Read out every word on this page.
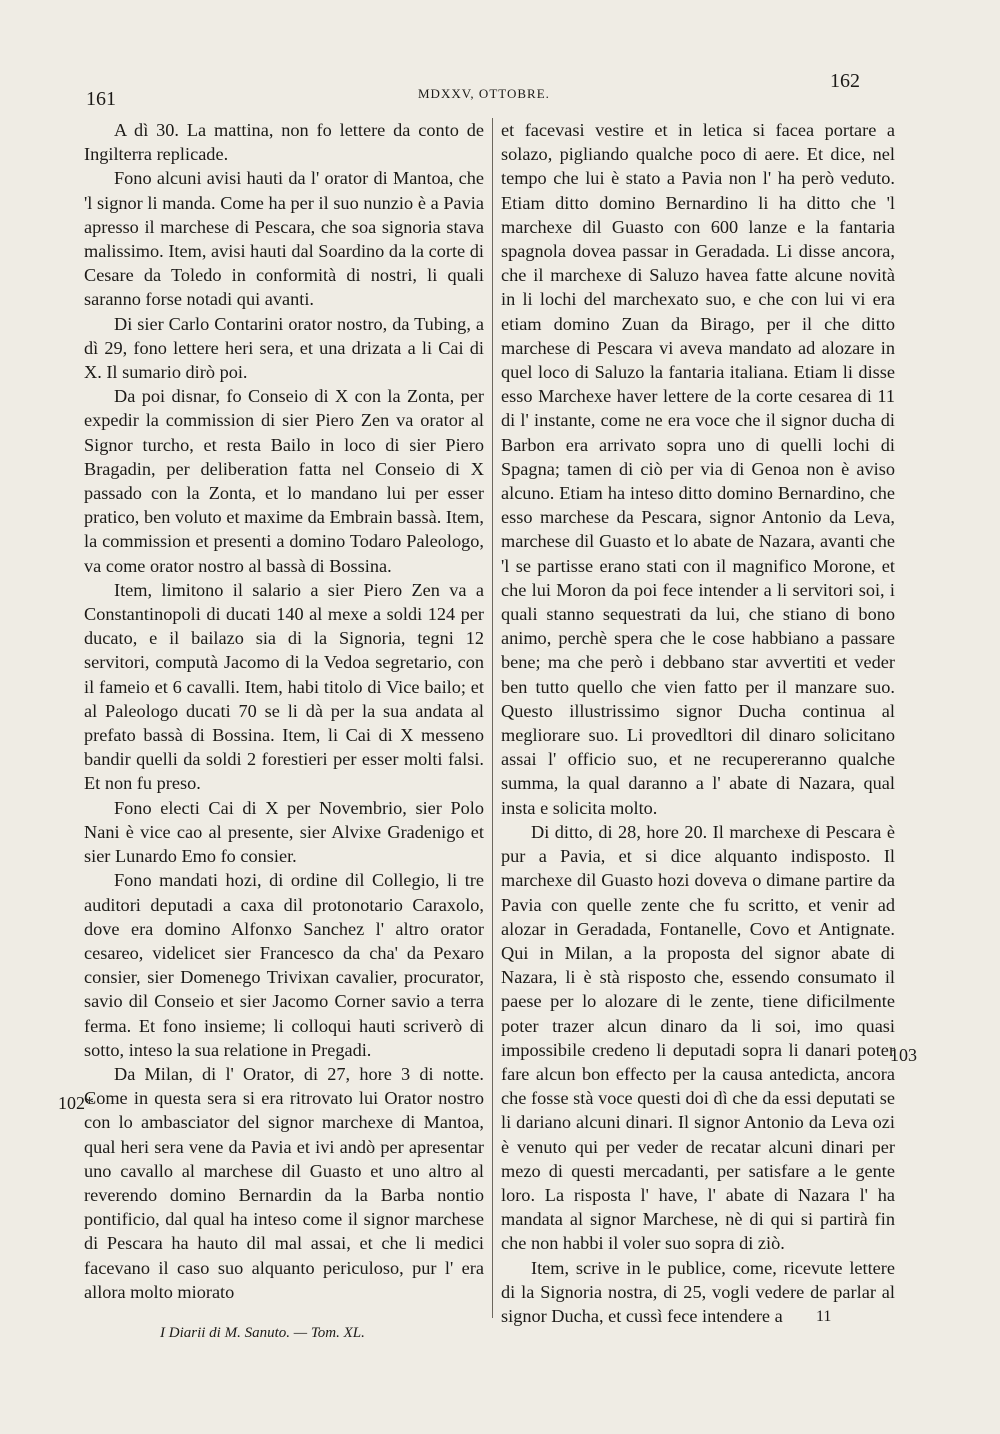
161	MDXXV, OTTOBRE.
162

A dì 30. La mattina, non fo lettere da conto de Ingilterra replicade.

Fono alcuni avisi hauti da l' orator di Mantoa, che 'l signor li manda. Come ha per il suo nunzio è a Pavia apresso il marchese di Pescara, che soa signoria stava malissimo. Item, avisi hauti dal Soardino da la corte di Cesare da Toledo in conformità di nostri, li quali saranno forse notadi qui avanti.

Di sier Carlo Contarini orator nostro, da Tubing, a dì 29, fono lettere heri sera, et una drizata a li Cai di X. Il sumario dirò poi.

Da poi disnar, fo Conseio di X con la Zonta, per expedir la commission di sier Piero Zen va orator al Signor turcho, et resta Bailo in loco di sier Piero Bragadin, per deliberation fatta nel Conseio di X passado con la Zonta, et lo mandano lui per esser pratico, ben voluto et maxime da Embrain bassà. Item, la commission et presenti a domino Todaro Paleologo, va come orator nostro al bassà di Bossina.

Item, limitono il salario a sier Piero Zen va a Constantinopoli di ducati 140 al mexe a soldi 124 per ducato, e il bailazo sia di la Signoria, tegni 12 servitori, computà Jacomo di la Vedoa segretario, con il fameio et 6 cavalli. Item, habi titolo di Vice bailo; et al Paleologo ducati 70 se li dà per la sua andata al prefato bassà di Bossina. Item, li Cai di X messeno bandir quelli da soldi 2 forestieri per esser molti falsi. Et non fu preso.

Fono electi Cai di X per Novembrio, sier Polo Nani è vice cao al presente, sier Alvixe Gradenigo et sier Lunardo Emo fo consier.

Fono mandati hozi, di ordine dil Collegio, li tre auditori deputadi a caxa dil protonotario Caraxolo, dove era domino Alfonxo Sanchez l' altro orator cesareo, videlicet sier Francesco da cha' da Pexaro consier, sier Domenego Trivixan cavalier, procurator, savio dil Conseio et sier Jacomo Corner savio a terra ferma. Et fono insieme; li colloqui hauti scriverò di sotto, inteso la sua relatione in Pregadi.

Da Milan, di l' Orator, di 27, hore 3 di notte. Come in questa sera si era ritrovato lui Orator nostro con lo ambasciator del signor marchexe di Mantoa, qual heri sera vene da Pavia et ivi andò per apresentar uno cavallo al marchese dil Guasto et uno altro al reverendo domino Bernardin da la Barba nontio pontificio, dal qual ha inteso come il signor marchese di Pescara ha hauto dil mal assai, et che li medici facevano il caso suo alquanto periculoso, pur l' era allora molto mioratо

et facevasi vestire et in letica si facea portare a solazo, pigliando qualche poco di aere. Et dice, nel tempo che lui è stato a Pavia non l' ha però veduto. Etiam ditto domino Bernardino li ha ditto che 'l marchexe dil Guasto con 600 lanze e la fantaria spagnola dovea passar in Geradada. Li disse ancora, che il marchexe di Saluzo havea fatte alcune novità in li lochi del marchexato suo, e che con lui vi era etiam domino Zuan da Birago, per il che ditto marchese di Pescara vi aveva mandato ad alozare in quel loco di Saluzo la fantaria italiana. Etiam li disse esso Marchexe haver lettere de la corte cesarea di 11 di l' instante, come ne era voce che il signor ducha di Barbon era arrivato sopra uno di quelli lochi di Spagna; tamen di ciò per via di Genoa non è aviso alcuno. Etiam ha inteso ditto domino Bernardino, che esso marchese da Pescara, signor Antonio da Leva, marchese dil Guasto et lo abate de Nazara, avanti che 'l se partisse erano stati con il magnifico Morone, et che lui Moron da poi fece intender a li servitori soi, i quali stanno sequestrati da lui, che stiano di bono animo, perchè spera che le cose habbiano a passare bene; ma che però i debbano star avvertiti et veder ben tutto quello che vien fatto per il manzare suo. Questo illustrissimo signor Ducha continua al megliorare suo. Li provedltori dil dinaro solicitano assai l' officio suo, et ne recupereranno qualche summa, la qual daranno a l' abate di Nazara, qual insta e solicita molto.

Di ditto, di 28, hore 20. Il marchexe di Pescara è pur a Pavia, et si dice alquanto indisposto. Il marchexe dil Guasto hozi doveva o dimane partire da Pavia con quelle zente che fu scritto, et venir ad alozar in Geradada, Fontanelle, Covo et Antignate. Qui in Milan, a la proposta del signor abate di Nazara, li è stà risposto che, essendo consumato il paese per lo alozare di le zente, tiene dificilmente poter trazer alcun dinaro da li soi, imo quasi impossibile credeno li deputadi sopra li danari poter fare alcun bon effecto per la causa antedicta, ancora che fosse stà voce questi doi dì che da essi deputati se li dariano alcuni dinari. Il signor Antonio da Leva ozi è venuto qui per veder de recatar alcuni dinari per mezo di questi mercadanti, per satisfare a le gente loro. La risposta l' have, l' abate di Nazara l' ha mandata al signor Marchese, nè di qui si partirà fin che non habbi il voler suo sopra di ziò.

Item, scrive in le publice, come, ricevute lettere di la Signoria nostra, di 25, vogli vedere de parlar al signor Ducha, et cussì fece intendere a

102*
103
11
I Diarii di M. Sanuto. — Tom. XL.
